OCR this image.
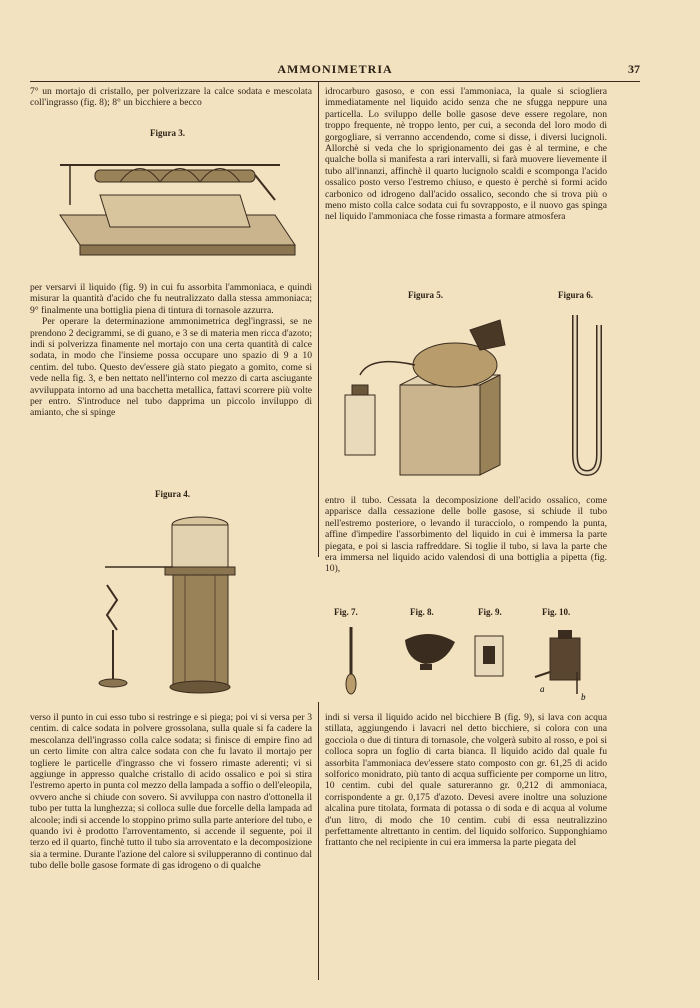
AMMONIMETRIA	37

7° un mortajo di cristallo, per polverizzare la calce sodata e mescolata coll'ingrasso (fig. 8); 8° un bicchiere a becco

Figura 3.

per versarvi il liquido (fig. 9) in cui fu assorbita l'ammoniaca, e quindi misurar la quantità d'acido che fu neutralizzato dalla stessa ammoniaca; 9° finalmente una bottiglia piena di tintura di tornasole azzurra.

Per operare la determinazione ammonimetrica degl'ingrassi, se ne prendono 2 decigrammi, se di guano, e 3 se di materia men ricca d'azoto; indi si polverizza finamente nel mortajo con una certa quantità di calce sodata, in modo che l'insieme possa occupare uno spazio di 9 a 10 centim. del tubo. Questo dev'essere già stato piegato a gomito, come si vede nella fig. 3, e ben nettato nell'interno col mezzo di carta asciugante avviluppata intorno ad una bacchetta metallica, fattavi scorrere più volte per entro. S'introduce nel tubo dapprima un piccolo inviluppo di amianto, che si spinge

Figura 4.

verso il punto in cui esso tubo si restringe e si piega; poi vi si versa per 3 centim. di calce sodata in polvere grossolana, sulla quale si fa cadere la mescolanza dell'ingrasso colla calce sodata; si finisce di empire fino ad un certo limite con altra calce sodata con che fu lavato il mortajo per togliere le particelle d'ingrasso che vi fossero rimaste aderenti; vi si aggiunge in appresso qualche cristallo di acido ossalico e poi si stira l'estremo aperto in punta col mezzo della lampada a soffio o dell'eleopila, ovvero anche si chiude con sovero. Si avviluppa con nastro d'ottonella il tubo per tutta la lunghezza; si colloca sulle due forcelle della lampada ad alcoole; indi si accende lo stoppino primo sulla parte anteriore del tubo, e quando ivi è prodotto l'arroventamento, si accende il seguente, poi il terzo ed il quarto, finchè tutto il tubo sia arroventato e la decomposizione sia a termine. Durante l'azione del calore si svilupperanno di continuo dal tubo delle bolle gasose formate di gas idrogeno o di qualche

idrocarburo gasoso, e con essi l'ammoniaca, la quale si sciogliera immediatamente nel liquido acido senza che ne sfugga neppure una particella. Lo sviluppo delle bolle gasose deve essere regolare, non troppo frequente, nè troppo lento, per cui, a seconda del loro modo di gorgogliare, si verranno accendendo, come si disse, i diversi lucignoli. Allorchè si veda che lo sprigionamento dei gas è al termine, e che qualche bolla si manifesta a rari intervalli, si farà muovere lievemente il tubo all'innanzi, affinchè il quarto lucignolo scaldi e scomponga l'acido ossalico posto verso l'estremo chiuso, e questo è perchè si formi acido carbonico od idrogeno dall'acido ossalico, secondo che si trova più o meno misto colla calce sodata cui fu sovrapposto, e il nuovo gas spinga nel liquido l'ammoniaca che fosse rimasta a formare atmosfera

Figura 5.	Figura 6.

entro il tubo. Cessata la decomposizione dell'acido ossalico, come apparisce dalla cessazione delle bolle gasose, si schiude il tubo nell'estremo posteriore, o levando il turacciolo, o rompendo la punta, affine d'impedire l'assorbimento del liquido in cui è immersa la parte piegata, e poi si lascia raffreddare. Si toglie il tubo, si lava la parte che era immersa nel liquido acido valendosi di una bottiglia a pipetta (fig. 10),

Fig. 7.	Fig. 8.	Fig. 9.	Fig. 10.
a
b

indi si versa il liquido acido nel bicchiere B (fig. 9), si lava con acqua stillata, aggiungendo i lavacri nel detto bicchiere, si colora con una gocciola o due di tintura di tornasole, che volgerà subito al rosso, e poi si colloca sopra un foglio di carta bianca. Il liquido acido dal quale fu assorbita l'ammoniaca dev'essere stato composto con gr. 61,25 di acido solforico monidrato, più tanto di acqua sufficiente per comporne un litro, 10 centim. cubi del quale satureranno gr. 0,212 di ammoniaca, corrispondente a gr. 0,175 d'azoto. Devesi avere inoltre una soluzione alcalina pure titolata, formata di potassa o di soda e di acqua al volume d'un litro, di modo che 10 centim. cubi di essa neutralizzino perfettamente altrettanto in centim. del liquido solforico. Supponghiamo frattanto che nel recipiente in cui era immersa la parte piegata del
